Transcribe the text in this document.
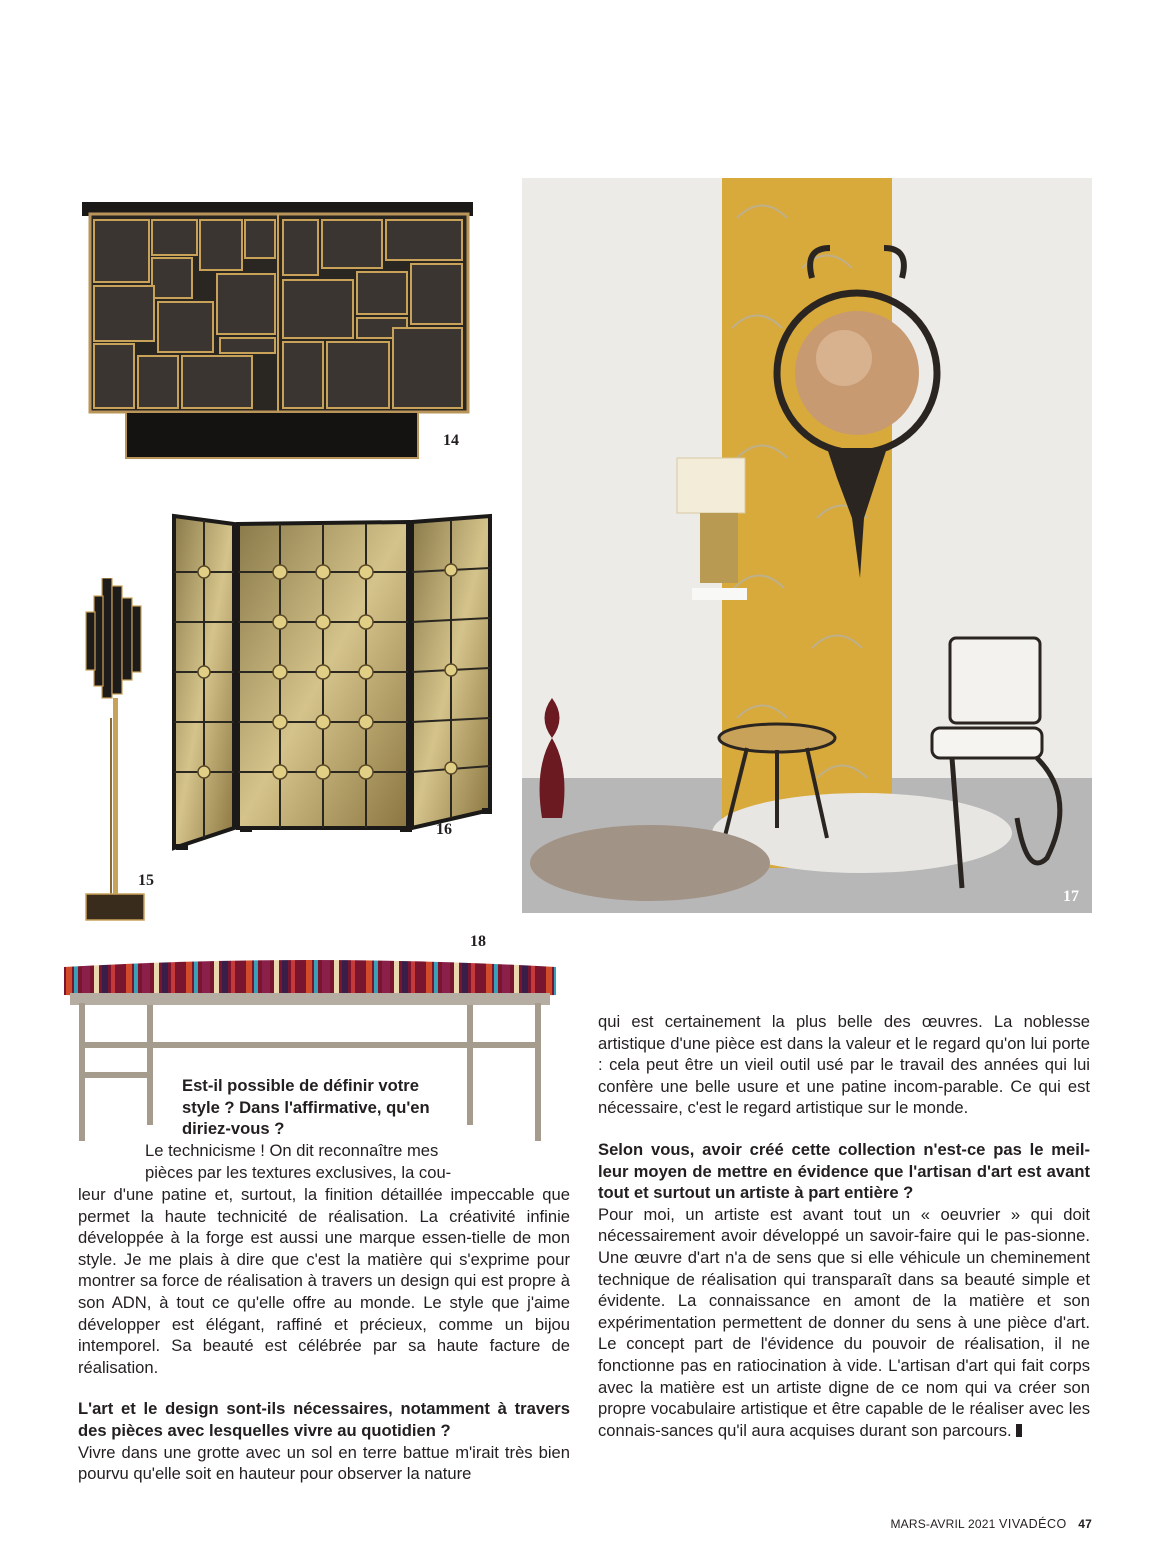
14
15
16
17
18
Est-il possible de définir votre
style ? Dans l'affirmative, qu'en
diriez-vous ?
Le technicisme ! On dit reconnaître mes
pièces par les textures exclusives, la cou-

leur d'une patine et, surtout, la finition détaillée impeccable que permet la haute technicité de réalisation. La créativité infinie développée à la forge est aussi une marque essen-tielle de mon style. Je me plais à dire que c'est la matière qui s'exprime pour montrer sa force de réalisation à travers un design qui est propre à son ADN, à tout ce qu'elle offre au monde. Le style que j'aime développer est élégant, raffiné et précieux, comme un bijou intemporel. Sa beauté est célébrée par sa haute facture de réalisation.

L'art et le design sont-ils nécessaires, notamment à travers des pièces avec lesquelles vivre au quotidien ?

Vivre dans une grotte avec un sol en terre battue m'irait très bien pourvu qu'elle soit en hauteur pour observer la nature

qui est certainement la plus belle des œuvres. La noblesse artistique d'une pièce est dans la valeur et le regard qu'on lui porte : cela peut être un vieil outil usé par le travail des années qui lui confère une belle usure et une patine incom-parable. Ce qui est nécessaire, c'est le regard artistique sur le monde.

Selon vous, avoir créé cette collection n'est-ce pas le meil-leur moyen de mettre en évidence que l'artisan d'art est avant tout et surtout un artiste à part entière ?

Pour moi, un artiste est avant tout un « oeuvrier » qui doit nécessairement avoir développé un savoir-faire qui le pas-sionne. Une œuvre d'art n'a de sens que si elle véhicule un cheminement technique de réalisation qui transparaît dans sa beauté simple et évidente. La connaissance en amont de la matière et son expérimentation permettent de donner du sens à une pièce d'art. Le concept part de l'évidence du pouvoir de réalisation, il ne fonctionne pas en ratiocination à vide. L'artisan d'art qui fait corps avec la matière est un artiste digne de ce nom qui va créer son propre vocabulaire artistique et être capable de le réaliser avec les connais-sances qu'il aura acquises durant son parcours.

MARS-AVRIL 2021 VIVADÉCO 47
